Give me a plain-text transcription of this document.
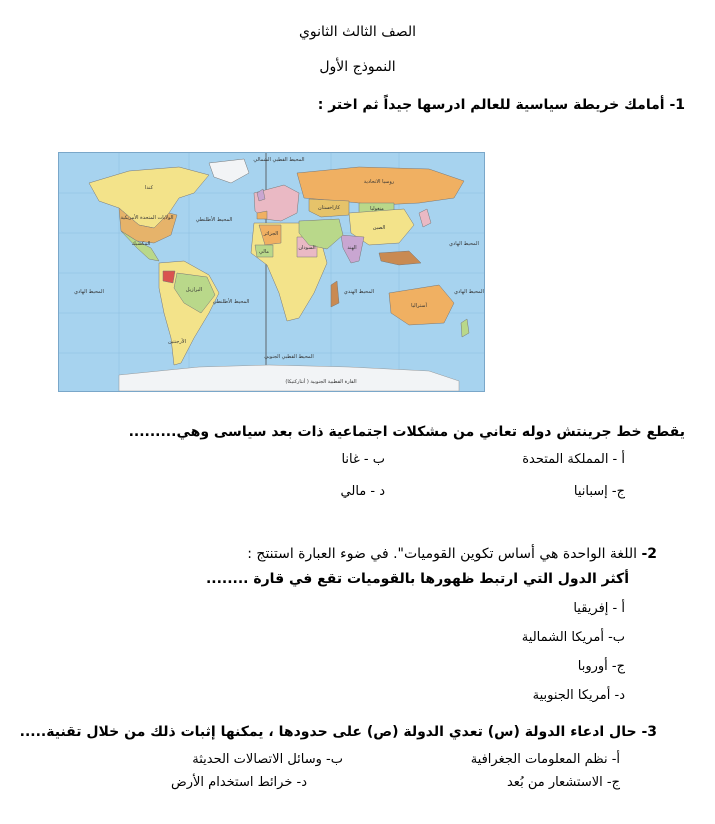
الصف الثالث الثانوي
النموذج الأول
1- أمامك خريطة سياسية للعالم ادرسها جيداً ثم اختر :
المحيط القطبي الشمالي
المحيط الأطلنطي
المحيط الأطلنطي
المحيط الهادي
المحيط الهادي
المحيط الهادي
المحيط الهندي
المحيط القطبي الجنوبي
روسيا الاتحادية
الولايات المتحدة الأمريكية
كندا
البرازيل
الصين
أستراليا
الهند
كازاخستان	منغوليا
الجزائر
السودان
مالي
المكسيك
الأرجنتين
القارة القطبية الجنوبية ( أنتاركتيكا)
يقطع خط جرينتش دوله تعاني من مشكلات اجتماعية ذات بعد سياسى وهي.........
أ - المملكة المتحدة
ب - غانا
ج- إسبانيا
د - مالي
2- اللغة الواحدة هي أساس تكوين القوميات". في ضوء العبارة استنتج :
أكثر الدول التي ارتبط ظهورها بالقوميات تقع في قارة ........
أ - إفريقيا
ب- أمريكا الشمالية
ج- أوروبا
د- أمريكا الجنوبية
3- حال ادعاء الدولة (س) تعدي الدولة (ص) على حدودها ، يمكنها إثبات ذلك من خلال تقنية.....
أ- نظم المعلومات الجغرافية
ب- وسائل الاتصالات الحديثة
ج- الاستشعار من بُعد
د- خرائط استخدام الأرض
